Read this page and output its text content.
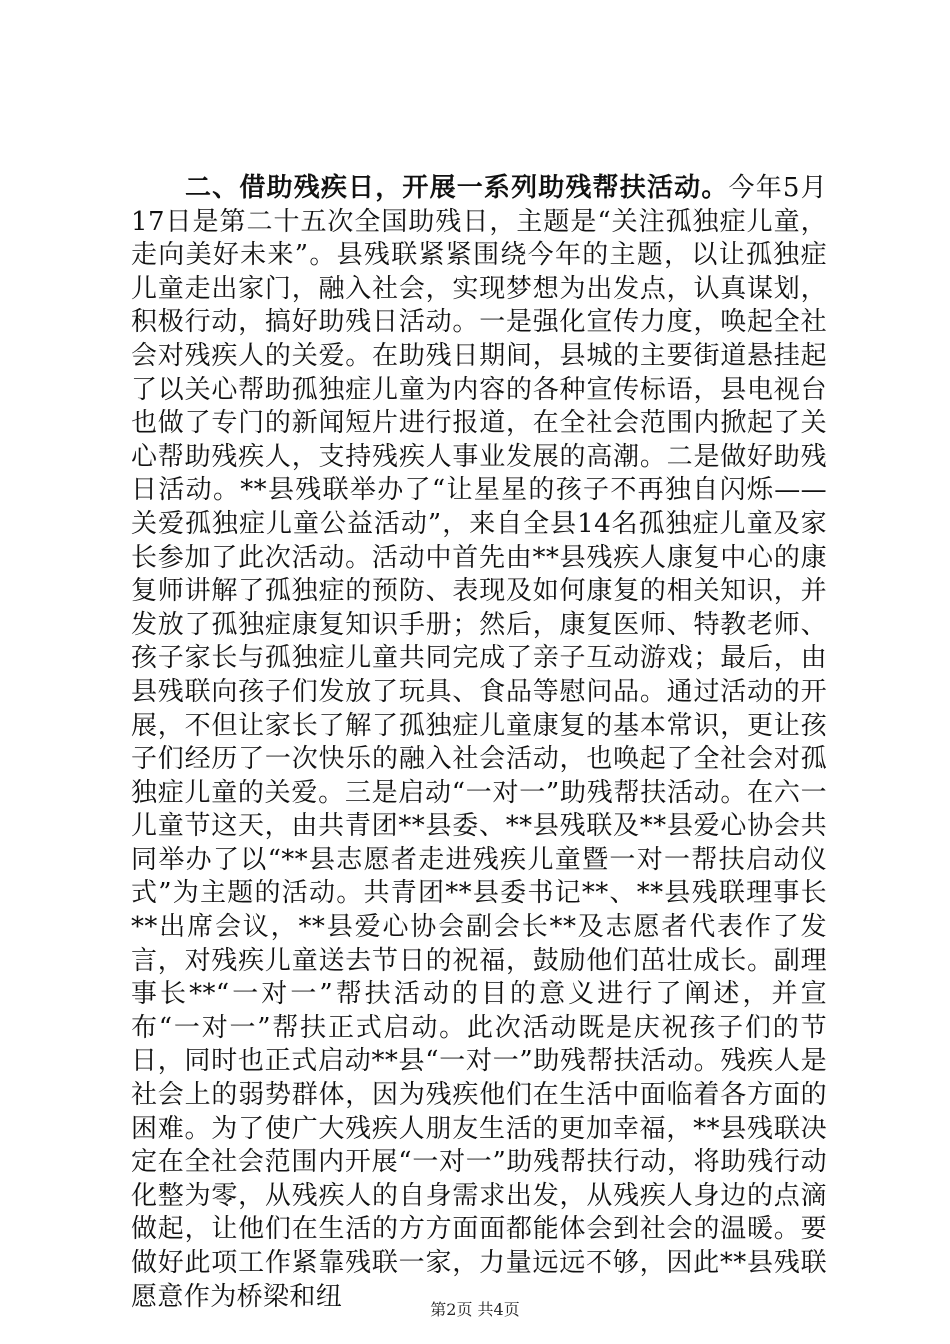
二、借助残疾日，开展一系列助残帮扶活动。今年5月17日是第二十五次全国助残日，主题是“关注孤独症儿童，走向美好未来”。县残联紧紧围绕今年的主题，以让孤独症儿童走出家门，融入社会，实现梦想为出发点，认真谋划，积极行动，搞好助残日活动。一是强化宣传力度，唤起全社会对残疾人的关爱。在助残日期间，县城的主要街道悬挂起了以关心帮助孤独症儿童为内容的各种宣传标语，县电视台也做了专门的新闻短片进行报道，在全社会范围内掀起了关心帮助残疾人，支持残疾人事业发展的高潮。二是做好助残日活动。**县残联举办了“让星星的孩子不再独自闪烁——关爱孤独症儿童公益活动”，来自全县14名孤独症儿童及家长参加了此次活动。活动中首先由**县残疾人康复中心的康复师讲解了孤独症的预防、表现及如何康复的相关知识，并发放了孤独症康复知识手册；然后，康复医师、特教老师、孩子家长与孤独症儿童共同完成了亲子互动游戏；最后，由县残联向孩子们发放了玩具、食品等慰问品。通过活动的开展，不但让家长了解了孤独症儿童康复的基本常识，更让孩子们经历了一次快乐的融入社会活动，也唤起了全社会对孤独症儿童的关爱。三是启动“一对一”助残帮扶活动。在六一儿童节这天，由共青团**县委、**县残联及**县爱心协会共同举办了以“**县志愿者走进残疾儿童暨一对一帮扶启动仪式”为主题的活动。共青团**县委书记**、**县残联理事长**出席会议，**县爱心协会副会长**及志愿者代表作了发言，对残疾儿童送去节日的祝福，鼓励他们茁壮成长。副理事长**“一对一”帮扶活动的目的意义进行了阐述，并宣布“一对一”帮扶正式启动。此次活动既是庆祝孩子们的节日，同时也正式启动**县“一对一”助残帮扶活动。残疾人是社会上的弱势群体，因为残疾他们在生活中面临着各方面的困难。为了使广大残疾人朋友生活的更加幸福，**县残联决定在全社会范围内开展“一对一”助残帮扶行动，将助残行动化整为零，从残疾人的自身需求出发，从残疾人身边的点滴做起，让他们在生活的方方面面都能体会到社会的温暖。要做好此项工作紧靠残联一家，力量远远不够，因此**县残联愿意作为桥梁和纽	第2页 共4页
